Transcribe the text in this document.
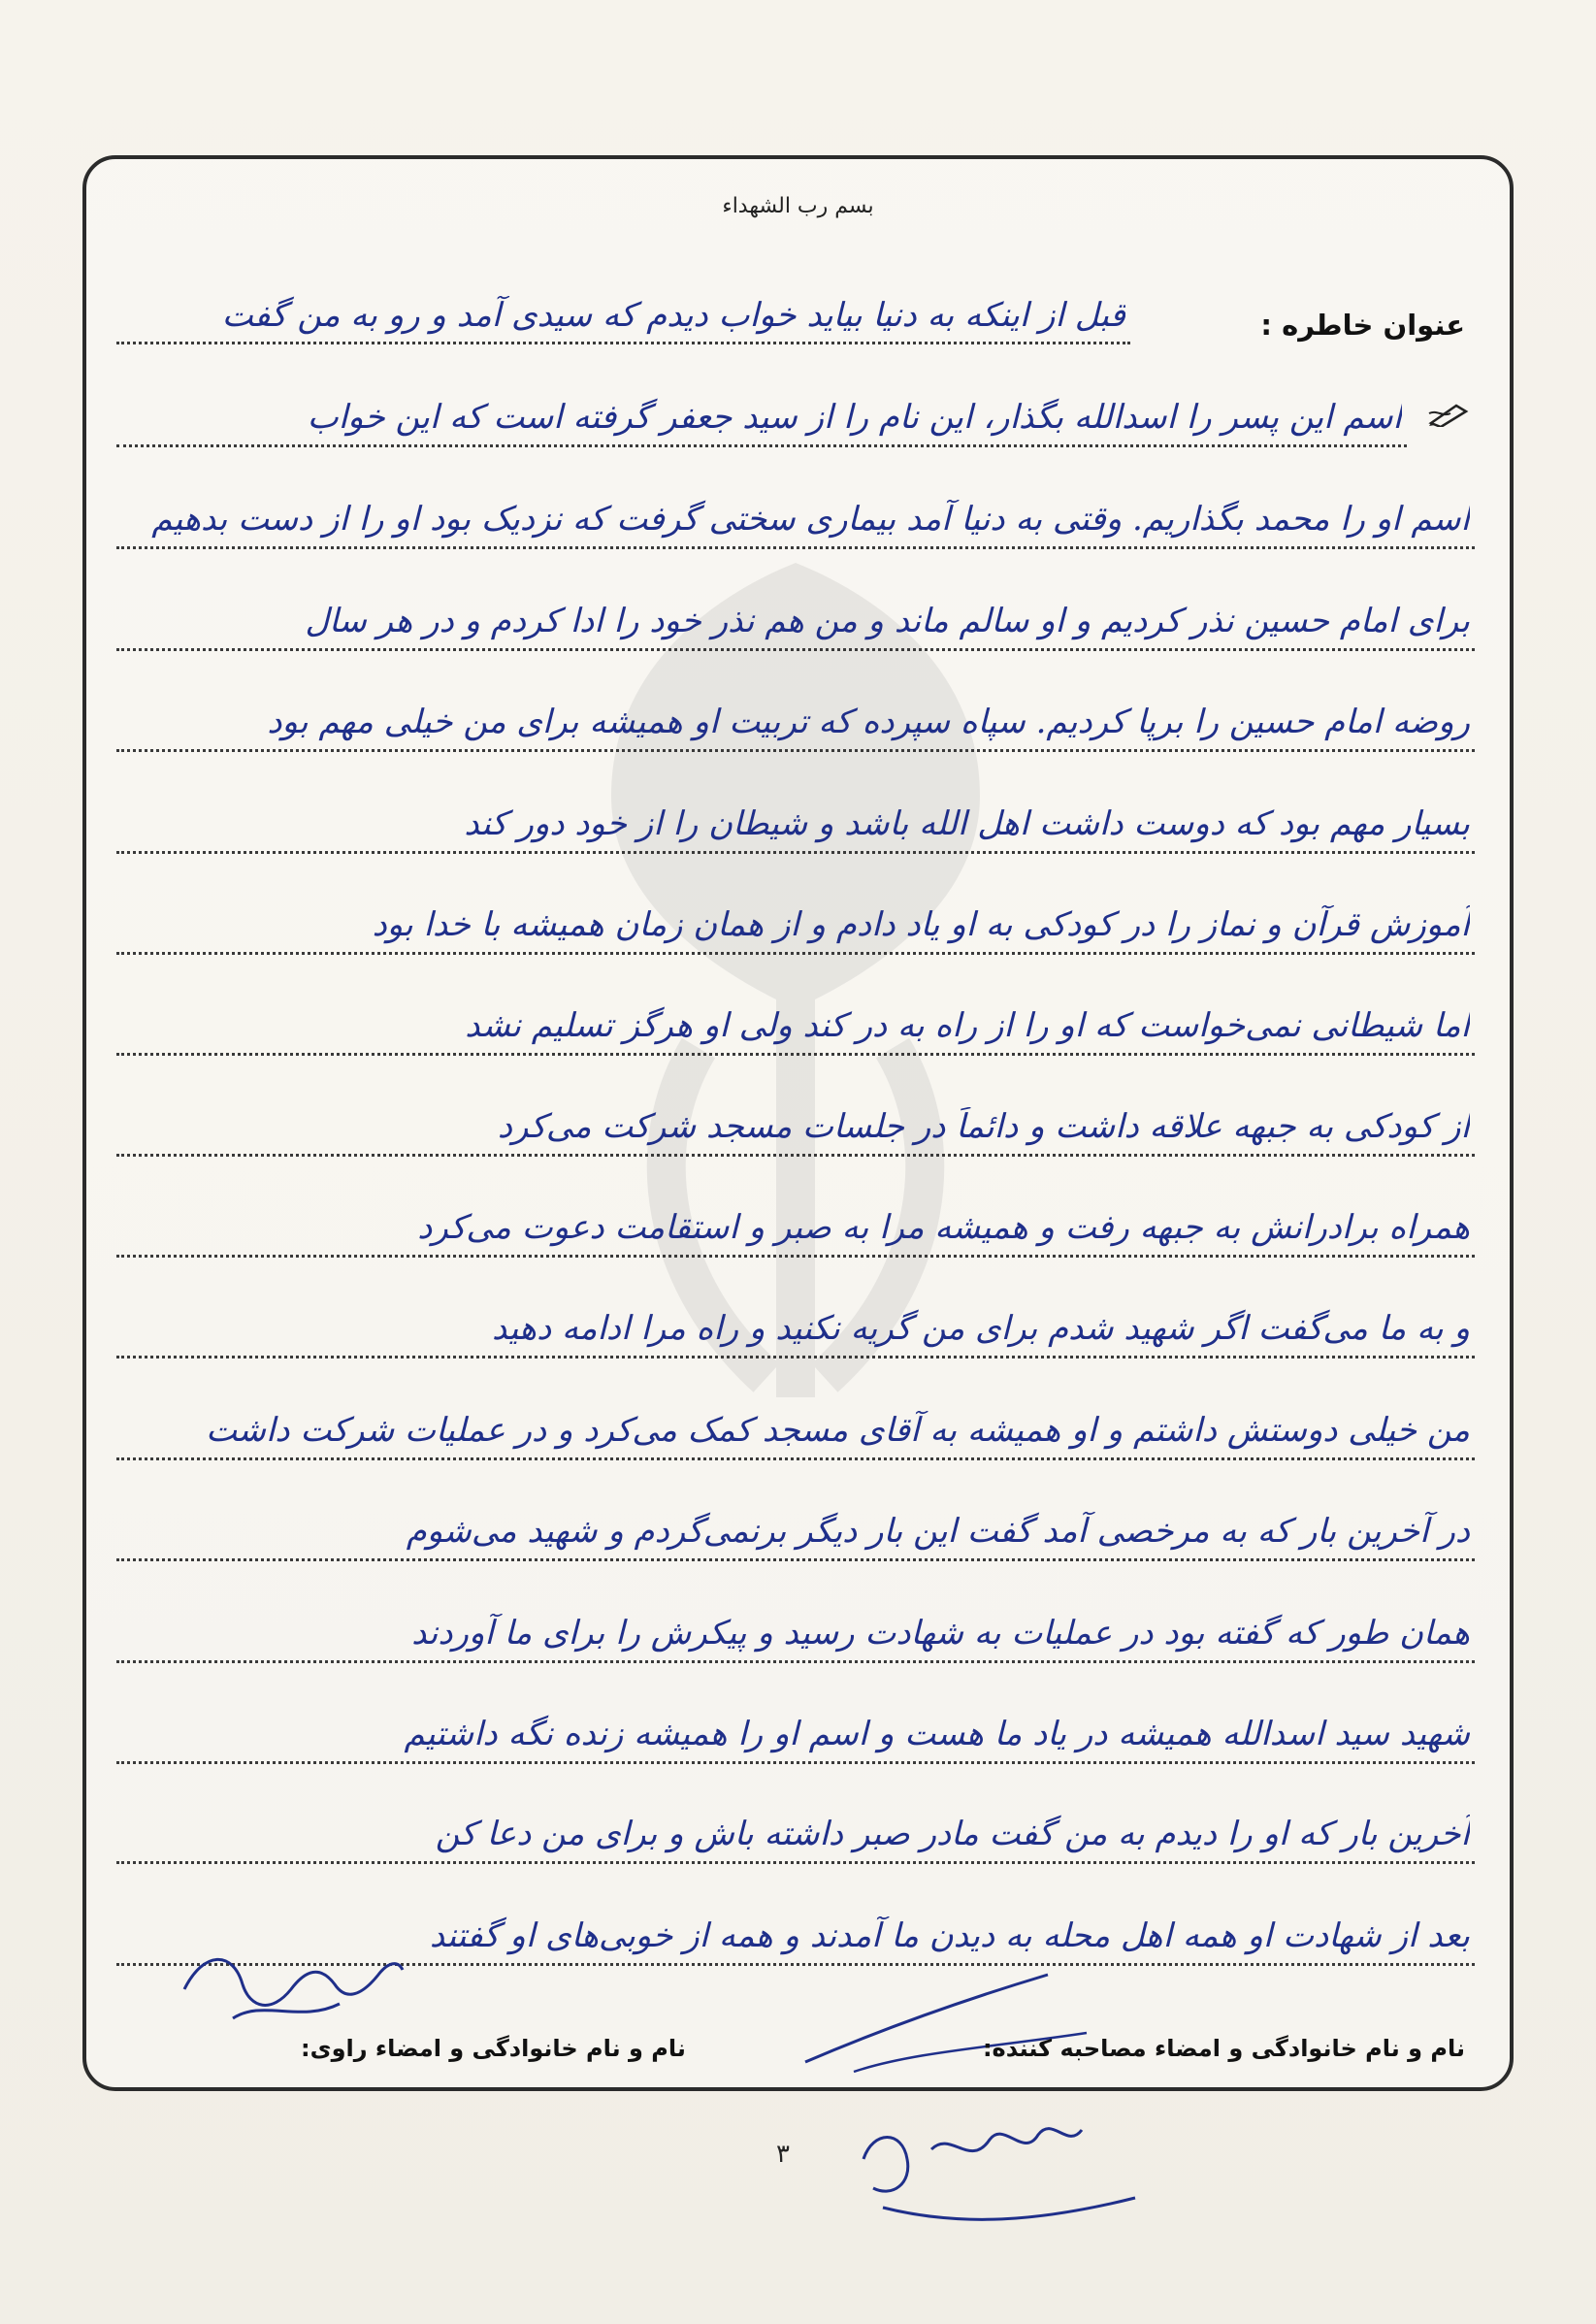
بسم رب الشهداء
عنوان خاطره :
قبل از اینکه به دنیا بیاید خواب دیدم که سیدی آمد و رو به من گفت
اسم این پسر را اسدالله بگذار، این نام را از سید جعفر گرفته است که این خواب
اسم او را محمد بگذاریم. وقتی به دنیا آمد بیماری سختی گرفت که نزدیک بود او را از دست بدهیم
برای امام حسین نذر کردیم و او سالم ماند و من هم نذر خود را ادا کردم و در هر سال
روضه امام حسین را برپا کردیم. سپاه سپرده که تربیت او همیشه برای من خیلی مهم بود
بسیار مهم بود که دوست داشت اهل الله باشد و شیطان را از خود دور کند
آموزش قرآن و نماز را در کودکی به او یاد دادم و از همان زمان همیشه با خدا بود
اما شیطانی نمی‌خواست که او را از راه به در کند ولی او هرگز تسلیم نشد
از کودکی به جبهه علاقه داشت و دائماً در جلسات مسجد شرکت می‌کرد
همراه برادرانش به جبهه رفت و همیشه مرا به صبر و استقامت دعوت می‌کرد
و به ما می‌گفت اگر شهید شدم برای من گریه نکنید و راه مرا ادامه دهید
من خیلی دوستش داشتم و او همیشه به آقای مسجد کمک می‌کرد و در عملیات شرکت داشت
در آخرین بار که به مرخصی آمد گفت این بار دیگر برنمی‌گردم و شهید می‌شوم
همان طور که گفته بود در عملیات به شهادت رسید و پیکرش را برای ما آوردند
شهید سید اسدالله همیشه در یاد ما هست و اسم او را همیشه زنده نگه داشتیم
آخرین بار که او را دیدم به من گفت مادر صبر داشته باش و برای من دعا کن
بعد از شهادت او همه اهل محله به دیدن ما آمدند و همه از خوبی‌های او گفتند
نام و نام خانوادگی و امضاء راوی:	نام و نام خانوادگی و امضاء مصاحبه کننده:
۳
